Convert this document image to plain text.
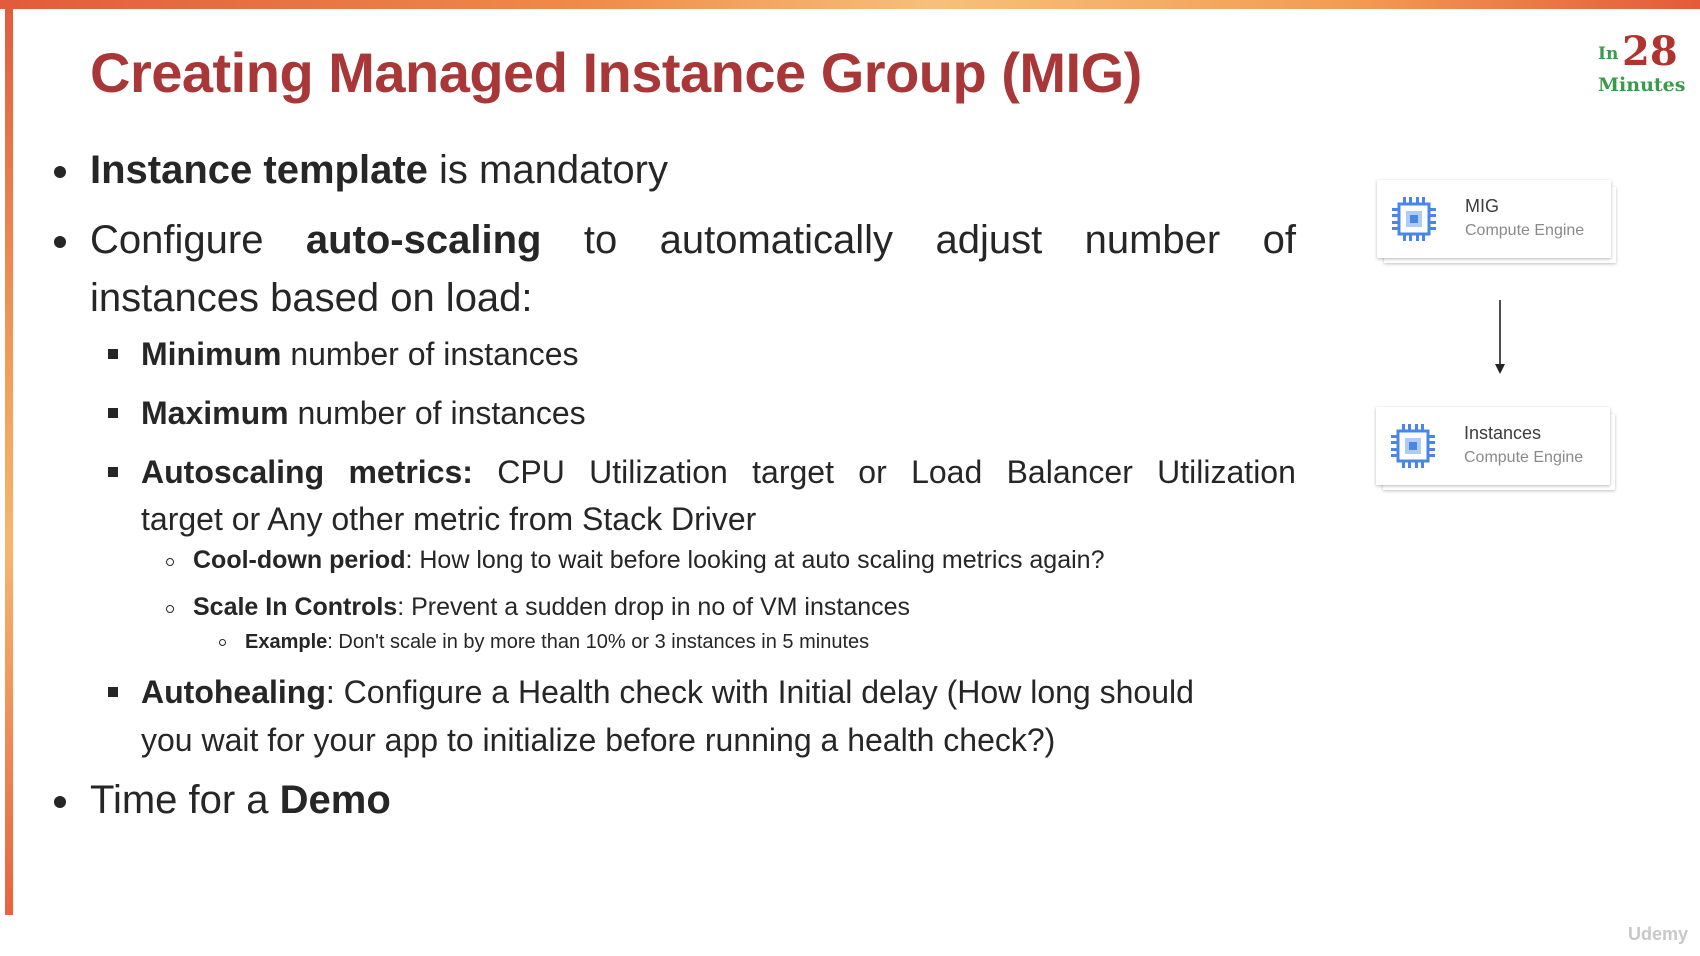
Creating Managed Instance Group (MIG)	In 28
Minutes
Instance template is mandatory
Configure auto-scaling to automatically adjust number of
instances based on load:
Minimum number of instances
Maximum number of instances
Autoscaling metrics: CPU Utilization target or Load Balancer Utilization
target or Any other metric from Stack Driver
Cool-down period: How long to wait before looking at auto scaling metrics again?
Scale In Controls: Prevent a sudden drop in no of VM instances
Example: Don't scale in by more than 10% or 3 instances in 5 minutes
Autohealing: Configure a Health check with Initial delay (How long should
you wait for your app to initialize before running a health check?)
Time for a Demo
MIG
Compute Engine
Instances
Compute Engine
Udemy
